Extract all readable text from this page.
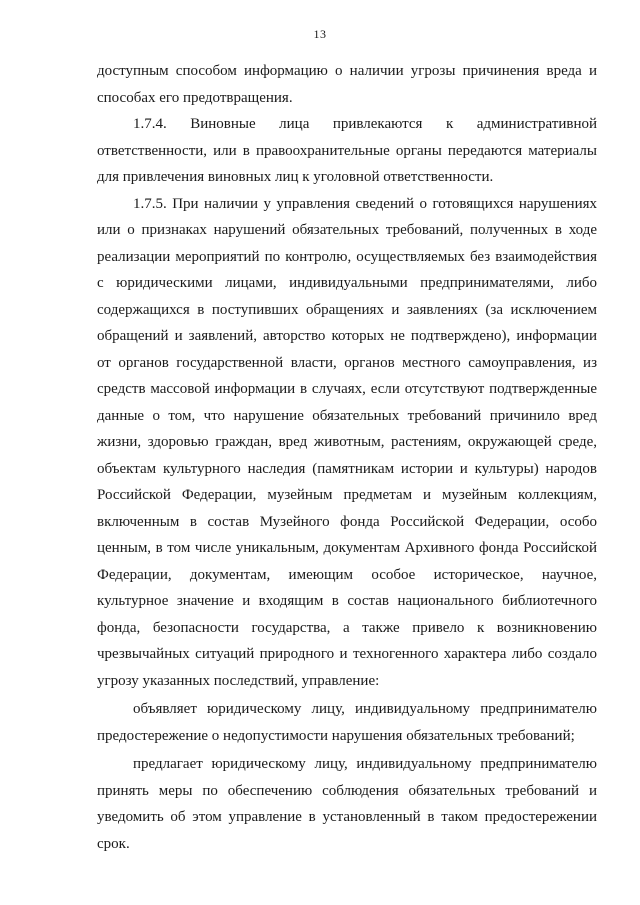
13

доступным способом информацию о наличии угрозы причинения вреда и способах его предотвращения.

1.7.4. Виновные лица привлекаются к административной ответственности, или в правоохранительные органы передаются материалы для привлечения виновных лиц к уголовной ответственности.

1.7.5. При наличии у управления сведений о готовящихся нарушениях или о признаках нарушений обязательных требований, полученных в ходе реализации мероприятий по контролю, осуществляемых без взаимодействия с юридическими лицами, индивидуальными предпринимателями, либо содержащихся в поступивших обращениях и заявлениях (за исключением обращений и заявлений, авторство которых не подтверждено), информации от органов государственной власти, органов местного самоуправления, из средств массовой информации в случаях, если отсутствуют подтвержденные данные о том, что нарушение обязательных требований причинило вред жизни, здоровью граждан, вред животным, растениям, окружающей среде, объектам культурного наследия (памятникам истории и культуры) народов Российской Федерации, музейным предметам и музейным коллекциям, включенным в состав Музейного фонда Российской Федерации, особо ценным, в том числе уникальным, документам Архивного фонда Российской Федерации, документам, имеющим особое историческое, научное, культурное значение и входящим в состав национального библиотечного фонда, безопасности государства, а также привело к возникновению чрезвычайных ситуаций природного и техногенного характера либо создало угрозу указанных последствий, управление:

объявляет юридическому лицу, индивидуальному предпринимателю предостережение о недопустимости нарушения обязательных требований;

предлагает юридическому лицу, индивидуальному предпринимателю принять меры по обеспечению соблюдения обязательных требований и уведомить об этом управление в установленный в таком предостережении срок.
